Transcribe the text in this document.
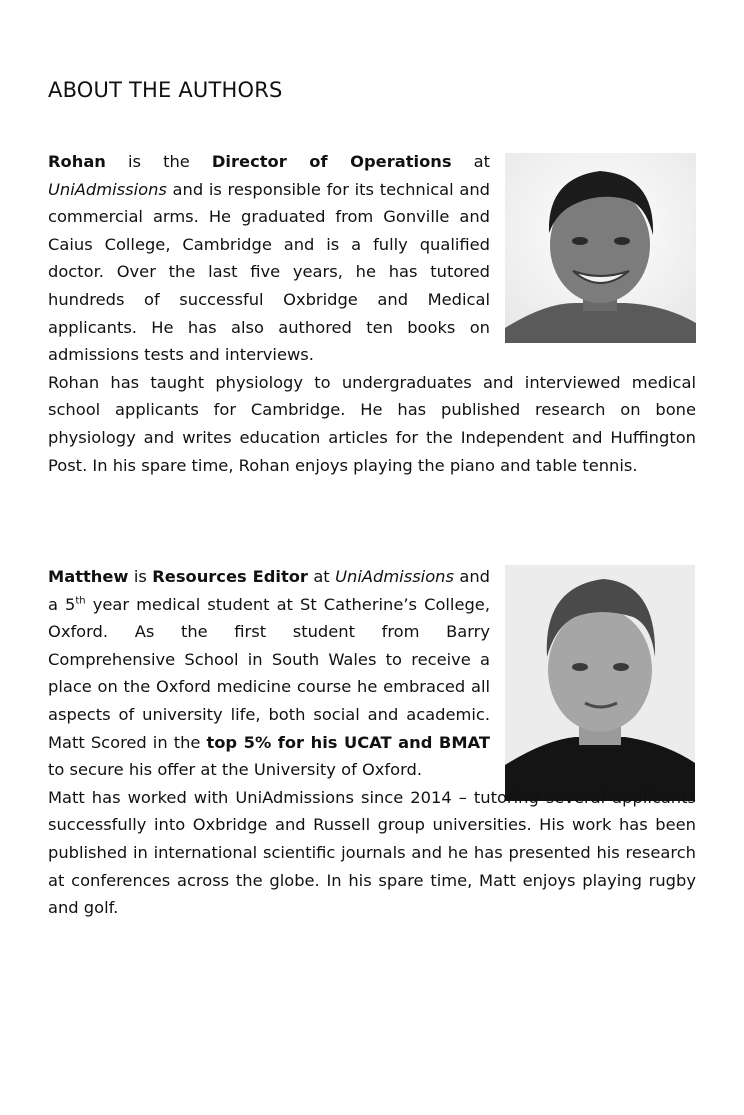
ABOUT THE AUTHORS

Rohan is the Director of Operations at UniAdmissions and is responsible for its technical and commercial arms. He graduated from Gonville and Caius College, Cambridge and is a fully qualified doctor. Over the last five years, he has tutored hundreds of successful Oxbridge and Medical applicants. He has also authored ten books on admissions tests and interviews.

Rohan has taught physiology to undergraduates and interviewed medical school applicants for Cambridge. He has published research on bone physiology and writes education articles for the Independent and Huffington Post. In his spare time, Rohan enjoys playing the piano and table tennis.

Matthew is Resources Editor at UniAdmissions and a 5th year medical student at St Catherine’s College, Oxford. As the first student from Barry Comprehensive School in South Wales to receive a place on the Oxford medicine course he embraced all aspects of university life, both social and academic. Matt Scored in the top 5% for his UCAT and BMAT to secure his offer at the University of Oxford.

Matt has worked with UniAdmissions since 2014 – tutoring several applicants successfully into Oxbridge and Russell group universities. His work has been published in international scientific journals and he has presented his research at conferences across the globe. In his spare time, Matt enjoys playing rugby and golf.
